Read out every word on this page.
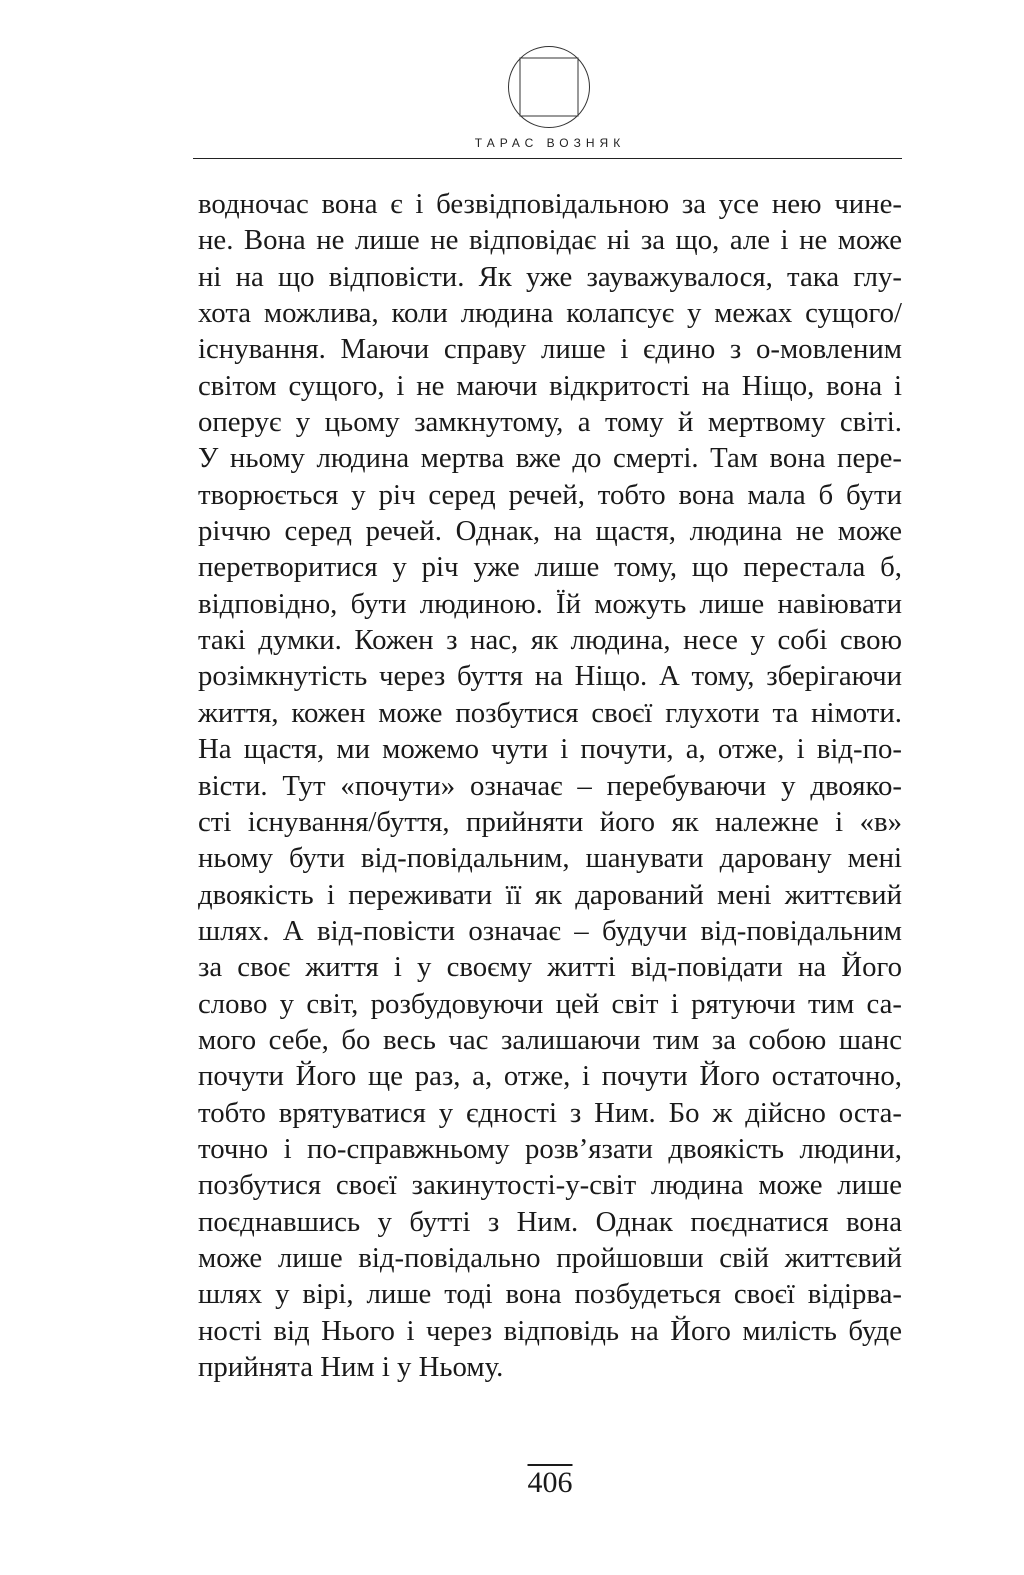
ТАРАС ВОЗНЯК
водночас вона є і безвідповідальною за усе нею чине-
не. Вона не лише не відповідає ні за що, але і не може
ні на що відповісти. Як уже зауважувалося, така глу-
хота можлива, коли людина колапсує у межах сущого/
існування. Маючи справу лише і єдино з о-мовленим
світом сущого, і не маючи відкритості на Ніщо, вона і
оперує у цьому замкнутому, а тому й мертвому світі.
У ньому людина мертва вже до смерті. Там вона пере-
творюється у річ серед речей, тобто вона мала б бути
річчю серед речей. Однак, на щастя, людина не може
перетворитися у річ уже лише тому, що перестала б,
відповідно, бути людиною. Їй можуть лише навіювати
такі думки. Кожен з нас, як людина, несе у собі свою
розімкнутість через буття на Ніщо. А тому, зберігаючи
життя, кожен може позбутися своєї глухоти та німоти.
На щастя, ми можемо чути і почути, а, отже, і від-по-
вісти. Тут «почути» означає – перебуваючи у двояко-
сті існування/буття, прийняти його як належне і «в»
ньому бути від-повідальним, шанувати даровану мені
двоякість і переживати її як дарований мені життєвий
шлях. А від-повісти означає – будучи від-повідальним
за своє життя і у своєму житті від-повідати на Його
слово у світ, розбудовуючи цей світ і рятуючи тим са-
мого себе, бо весь час залишаючи тим за собою шанс
почути Його ще раз, а, отже, і почути Його остаточно,
тобто врятуватися у єдності з Ним. Бо ж дійсно оста-
точно і по-справжньому розв’язати двоякість людини,
позбутися своєї закинутості-у-світ людина може лише
поєднавшись у бутті з Ним. Однак поєднатися вона
може лише від-повідально пройшовши свій життєвий
шлях у вірі, лише тоді вона позбудеться своєї відірва-
ності від Нього і через відповідь на Його милість буде
прийнята Ним і у Ньому.
406
